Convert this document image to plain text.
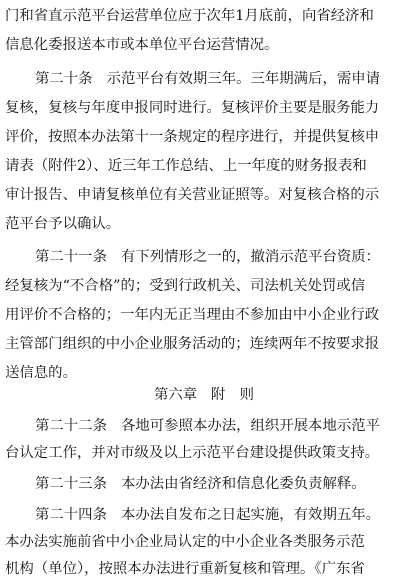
门和省直示范平台运营单位应于次年1月底前，向省经济和
信息化委报送本市或本单位平台运营情况。
第二十条 示范平台有效期三年。三年期满后，需申请
复核，复核与年度申报同时进行。复核评价主要是服务能力
评价，按照本办法第十一条规定的程序进行，并提供复核申
请表（附件2）、近三年工作总结、上一年度的财务报表和
审计报告、申请复核单位有关营业证照等。对复核合格的示
范平台予以确认。
第二十一条 有下列情形之一的，撤消示范平台资质：
经复核为“不合格”的；受到行政机关、司法机关处罚或信
用评价不合格的；一年内无正当理由不参加由中小企业行政
主管部门组织的中小企业服务活动的；连续两年不按要求报
送信息的。
第六章 附　则
第二十二条 各地可参照本办法，组织开展本地示范平
台认定工作，并对市级及以上示范平台建设提供政策支持。
第二十三条 本办法由省经济和信息化委负责解释。
第二十四条 本办法自发布之日起实施，有效期五年。
本办法实施前省中小企业局认定的中小企业各类服务示范
机构（单位），按照本办法进行重新复核和管理。《广东省
